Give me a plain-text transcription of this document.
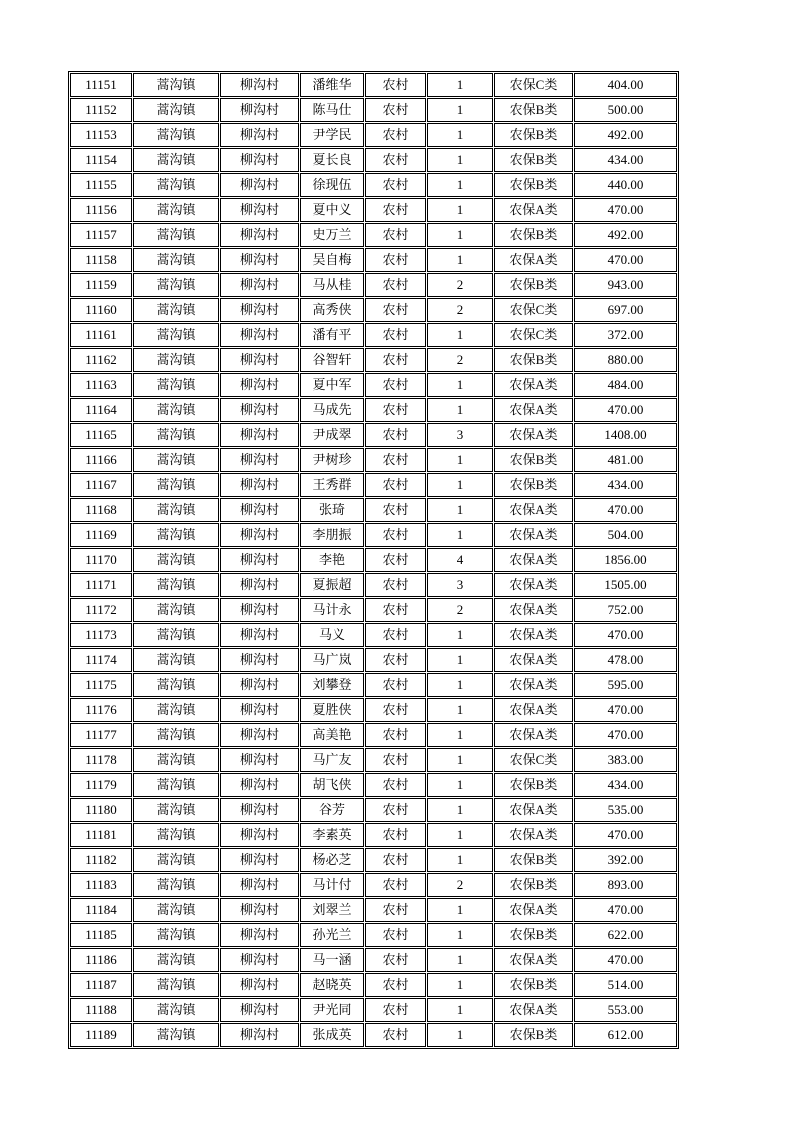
11151	蒿沟镇	柳沟村	潘维华	农村	1	农保C类	404.00
11152	蒿沟镇	柳沟村	陈马仕	农村	1	农保B类	500.00
11153	蒿沟镇	柳沟村	尹学民	农村	1	农保B类	492.00
11154	蒿沟镇	柳沟村	夏长良	农村	1	农保B类	434.00
11155	蒿沟镇	柳沟村	徐现伍	农村	1	农保B类	440.00
11156	蒿沟镇	柳沟村	夏中义	农村	1	农保A类	470.00
11157	蒿沟镇	柳沟村	史万兰	农村	1	农保B类	492.00
11158	蒿沟镇	柳沟村	吴自梅	农村	1	农保A类	470.00
11159	蒿沟镇	柳沟村	马从桂	农村	2	农保B类	943.00
11160	蒿沟镇	柳沟村	高秀侠	农村	2	农保C类	697.00
11161	蒿沟镇	柳沟村	潘有平	农村	1	农保C类	372.00
11162	蒿沟镇	柳沟村	谷智轩	农村	2	农保B类	880.00
11163	蒿沟镇	柳沟村	夏中军	农村	1	农保A类	484.00
11164	蒿沟镇	柳沟村	马成先	农村	1	农保A类	470.00
11165	蒿沟镇	柳沟村	尹成翠	农村	3	农保A类	1408.00
11166	蒿沟镇	柳沟村	尹树珍	农村	1	农保B类	481.00
11167	蒿沟镇	柳沟村	王秀群	农村	1	农保B类	434.00
11168	蒿沟镇	柳沟村	张琦	农村	1	农保A类	470.00
11169	蒿沟镇	柳沟村	李朋振	农村	1	农保A类	504.00
11170	蒿沟镇	柳沟村	李艳	农村	4	农保A类	1856.00
11171	蒿沟镇	柳沟村	夏振超	农村	3	农保A类	1505.00
11172	蒿沟镇	柳沟村	马计永	农村	2	农保A类	752.00
11173	蒿沟镇	柳沟村	马义	农村	1	农保A类	470.00
11174	蒿沟镇	柳沟村	马广岚	农村	1	农保A类	478.00
11175	蒿沟镇	柳沟村	刘攀登	农村	1	农保A类	595.00
11176	蒿沟镇	柳沟村	夏胜侠	农村	1	农保A类	470.00
11177	蒿沟镇	柳沟村	高美艳	农村	1	农保A类	470.00
11178	蒿沟镇	柳沟村	马广友	农村	1	农保C类	383.00
11179	蒿沟镇	柳沟村	胡飞侠	农村	1	农保B类	434.00
11180	蒿沟镇	柳沟村	谷芳	农村	1	农保A类	535.00
11181	蒿沟镇	柳沟村	李素英	农村	1	农保A类	470.00
11182	蒿沟镇	柳沟村	杨必芝	农村	1	农保B类	392.00
11183	蒿沟镇	柳沟村	马计付	农村	2	农保B类	893.00
11184	蒿沟镇	柳沟村	刘翠兰	农村	1	农保A类	470.00
11185	蒿沟镇	柳沟村	孙光兰	农村	1	农保B类	622.00
11186	蒿沟镇	柳沟村	马一涵	农村	1	农保A类	470.00
11187	蒿沟镇	柳沟村	赵晓英	农村	1	农保B类	514.00
11188	蒿沟镇	柳沟村	尹光同	农村	1	农保A类	553.00
11189	蒿沟镇	柳沟村	张成英	农村	1	农保B类	612.00
